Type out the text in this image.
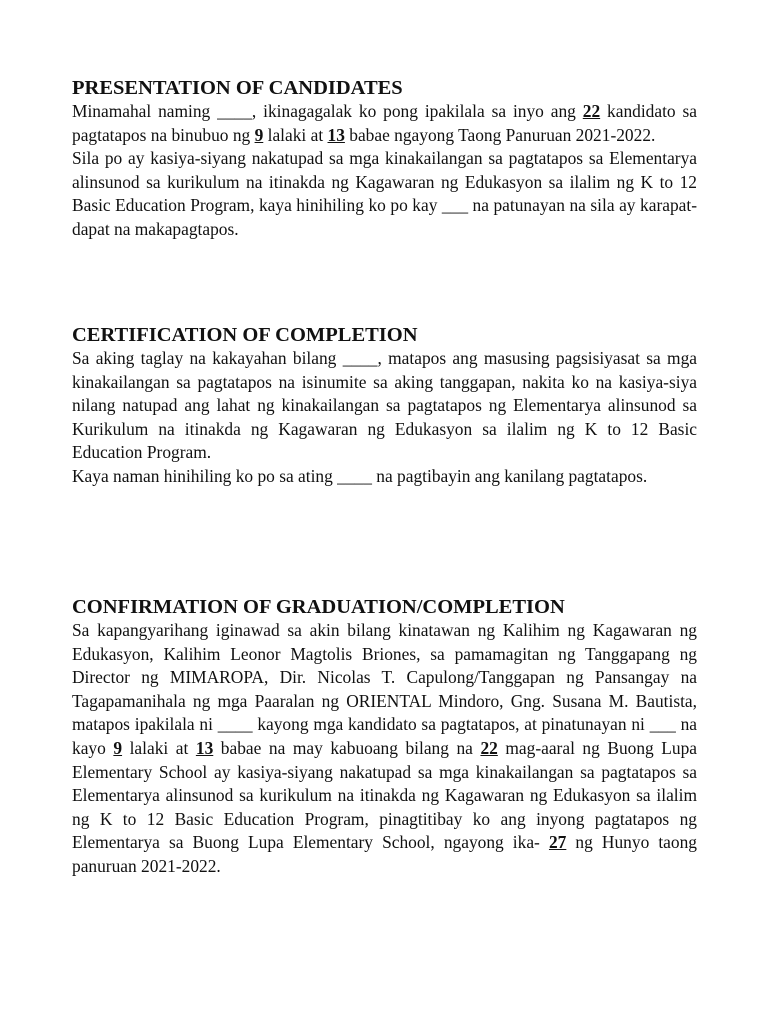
PRESENTATION OF CANDIDATES

Minamahal naming ____, ikinagagalak ko pong ipakilala sa inyo ang 22 kandidato sa pagtatapos na binubuo ng 9 lalaki at 13 babae ngayong Taong Panuruan 2021-2022.

Sila po ay kasiya-siyang nakatupad sa mga kinakailangan sa pagtatapos sa Elementarya alinsunod sa kurikulum na itinakda ng Kagawaran ng Edukasyon sa ilalim ng K to 12 Basic Education Program, kaya hinihiling ko po kay ___ na patunayan na sila ay karapat-dapat na makapagtapos.

CERTIFICATION OF COMPLETION

Sa aking taglay na kakayahan bilang ____, matapos ang masusing pagsisiyasat sa mga kinakailangan sa pagtatapos na isinumite sa aking tanggapan, nakita ko na kasiya-siya nilang natupad ang lahat ng kinakailangan sa pagtatapos ng Elementarya alinsunod sa Kurikulum na itinakda ng Kagawaran ng Edukasyon sa ilalim ng K to 12 Basic Education Program.

Kaya naman hinihiling ko po sa ating ____ na pagtibayin ang kanilang pagtatapos.

CONFIRMATION OF GRADUATION/COMPLETION

Sa kapangyarihang iginawad sa akin bilang kinatawan ng Kalihim ng Kagawaran ng Edukasyon, Kalihim Leonor Magtolis Briones, sa pamamagitan ng Tanggapang ng Director ng MIMAROPA, Dir. Nicolas T. Capulong/Tanggapan ng Pansangay na Tagapamanihala ng mga Paaralan ng ORIENTAL Mindoro, Gng. Susana M. Bautista, matapos ipakilala ni ____ kayong mga kandidato sa pagtatapos, at pinatunayan ni ___ na kayo 9 lalaki at 13 babae na may kabuoang bilang na 22 mag-aaral ng Buong Lupa Elementary School ay kasiya-siyang nakatupad sa mga kinakailangan sa pagtatapos sa Elementarya alinsunod sa kurikulum na itinakda ng Kagawaran ng Edukasyon sa ilalim ng K to 12 Basic Education Program, pinagtitibay ko ang inyong pagtatapos ng Elementarya sa Buong Lupa Elementary School, ngayong ika- 27 ng Hunyo taong panuruan 2021-2022.
